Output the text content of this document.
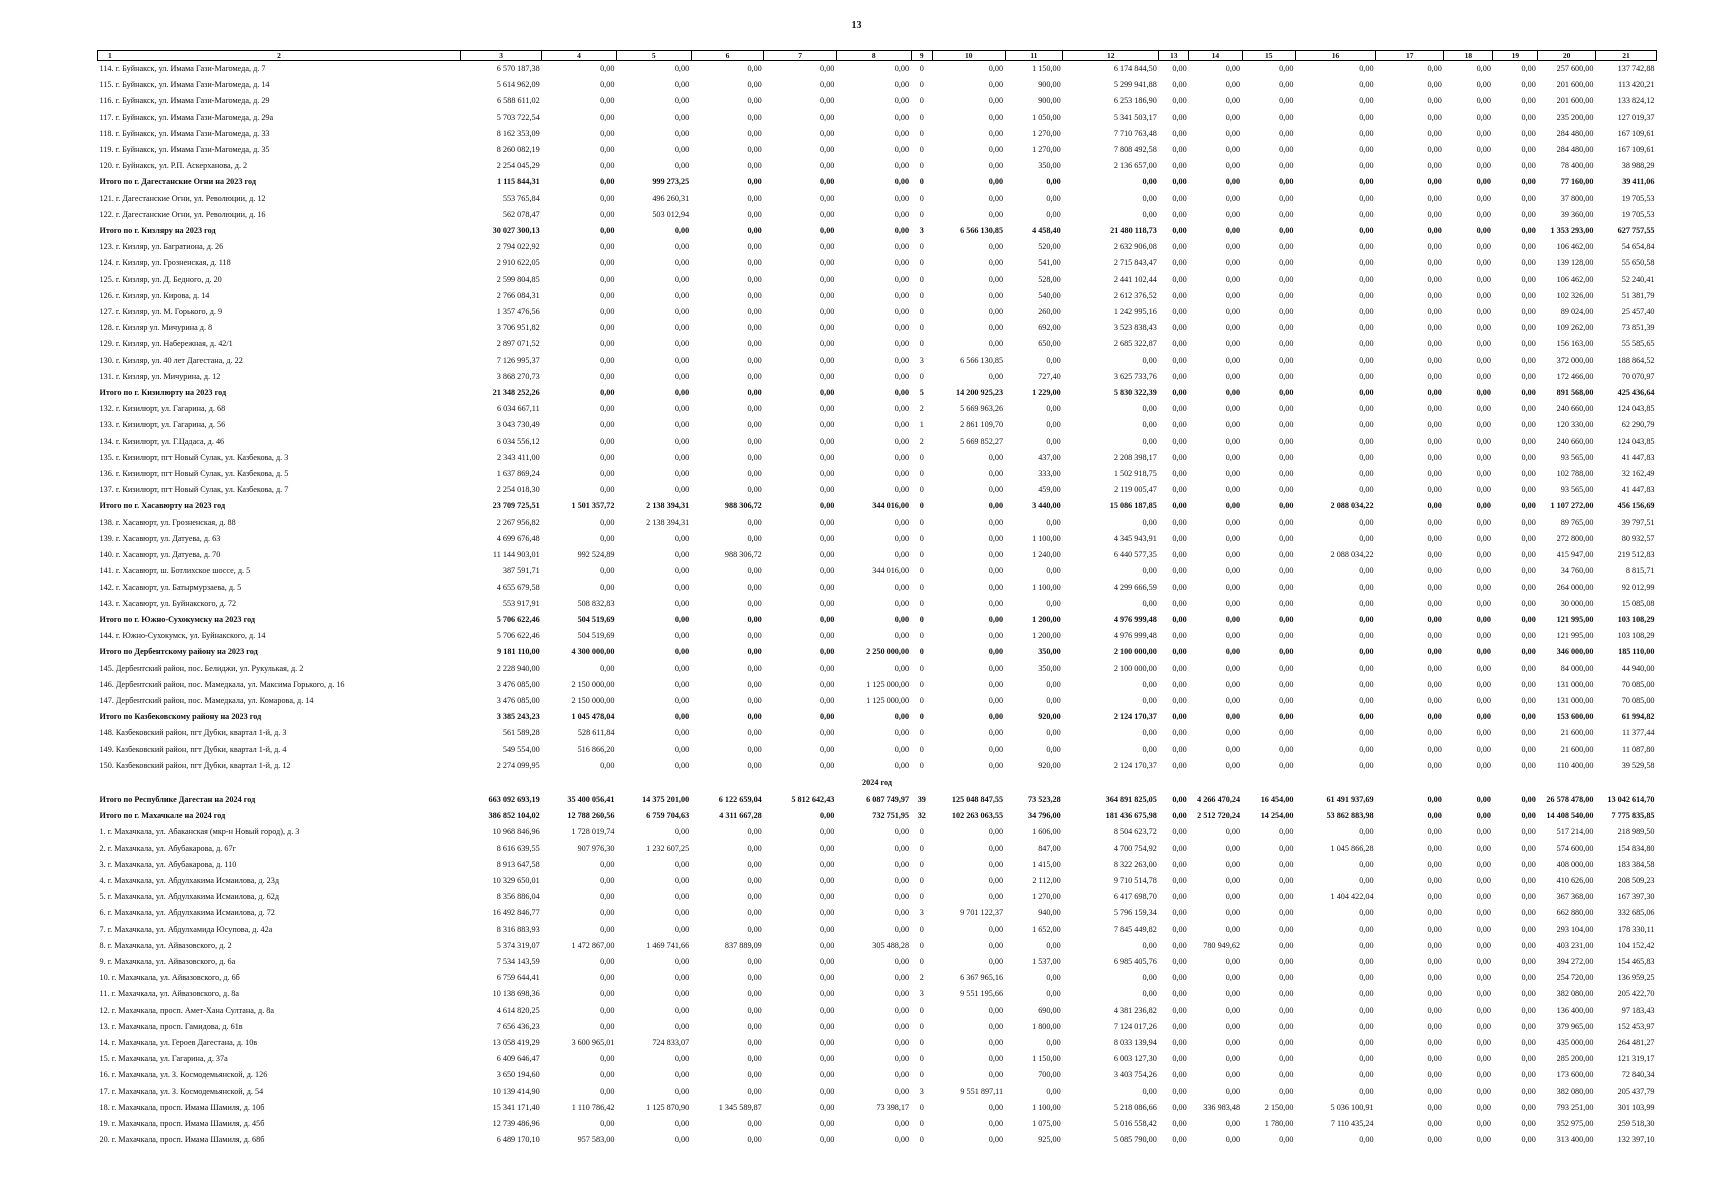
13
1 2	3	4	5	6	7	8	9	10	11	12	13	14	15	16	17	18	19	20	21
114. г. Буйнакск, ул. Имама Гази-Магомеда, д. 7	6 570 187,38	0,00	0,00	0,00	0,00	0,00	0	0,00	1 150,00	6 174 844,50	0,00	0,00	0,00	0,00	0,00	0,00	0,00	257 600,00	137 742,88
115. г. Буйнакск, ул. Имама Гази-Магомеда, д. 14	5 614 962,09	0,00	0,00	0,00	0,00	0,00	0	0,00	900,00	5 299 941,88	0,00	0,00	0,00	0,00	0,00	0,00	0,00	201 600,00	113 420,21
116. г. Буйнакск, ул. Имама Гази-Магомеда, д. 29	6 588 611,02	0,00	0,00	0,00	0,00	0,00	0	0,00	900,00	6 253 186,90	0,00	0,00	0,00	0,00	0,00	0,00	0,00	201 600,00	133 824,12
117. г. Буйнакск, ул. Имама Гази-Магомеда, д. 29а	5 703 722,54	0,00	0,00	0,00	0,00	0,00	0	0,00	1 050,00	5 341 503,17	0,00	0,00	0,00	0,00	0,00	0,00	0,00	235 200,00	127 019,37
118. г. Буйнакск, ул. Имама Гази-Магомеда, д. 33	8 162 353,09	0,00	0,00	0,00	0,00	0,00	0	0,00	1 270,00	7 710 763,48	0,00	0,00	0,00	0,00	0,00	0,00	0,00	284 480,00	167 109,61
119. г. Буйнакск, ул. Имама Гази-Магомеда, д. 35	8 260 082,19	0,00	0,00	0,00	0,00	0,00	0	0,00	1 270,00	7 808 492,58	0,00	0,00	0,00	0,00	0,00	0,00	0,00	284 480,00	167 109,61
120. г. Буйнакск, ул. Р.П. Аскерханова, д. 2	2 254 045,29	0,00	0,00	0,00	0,00	0,00	0	0,00	350,00	2 136 657,00	0,00	0,00	0,00	0,00	0,00	0,00	0,00	78 400,00	38 988,29
Итого по г. Дагестанские Огни на 2023 год	1 115 844,31	0,00	999 273,25	0,00	0,00	0,00	0	0,00	0,00	0,00	0,00	0,00	0,00	0,00	0,00	0,00	0,00	77 160,00	39 411,06
121. г. Дагестанские Огни, ул. Революции, д. 12	553 765,84	0,00	496 260,31	0,00	0,00	0,00	0	0,00	0,00	0,00	0,00	0,00	0,00	0,00	0,00	0,00	0,00	37 800,00	19 705,53
122. г. Дагестанские Огни, ул. Революции, д. 16	562 078,47	0,00	503 012,94	0,00	0,00	0,00	0	0,00	0,00	0,00	0,00	0,00	0,00	0,00	0,00	0,00	0,00	39 360,00	19 705,53
Итого по г. Кизляру на 2023 год	30 027 300,13	0,00	0,00	0,00	0,00	0,00	3	6 566 130,85	4 458,40	21 480 118,73	0,00	0,00	0,00	0,00	0,00	0,00	0,00	1 353 293,00	627 757,55
123. г. Кизляр, ул. Багратиона, д. 26	2 794 022,92	0,00	0,00	0,00	0,00	0,00	0	0,00	520,00	2 632 906,08	0,00	0,00	0,00	0,00	0,00	0,00	0,00	106 462,00	54 654,84
124. г. Кизляр, ул. Грозненская, д. 118	2 910 622,05	0,00	0,00	0,00	0,00	0,00	0	0,00	541,00	2 715 843,47	0,00	0,00	0,00	0,00	0,00	0,00	0,00	139 128,00	55 650,58
125. г. Кизляр, ул. Д. Бедного, д. 20	2 599 804,85	0,00	0,00	0,00	0,00	0,00	0	0,00	528,00	2 441 102,44	0,00	0,00	0,00	0,00	0,00	0,00	0,00	106 462,00	52 240,41
126. г. Кизляр, ул. Кирова, д. 14	2 766 084,31	0,00	0,00	0,00	0,00	0,00	0	0,00	540,00	2 612 376,52	0,00	0,00	0,00	0,00	0,00	0,00	0,00	102 326,00	51 381,79
127. г. Кизляр, ул. М. Горького, д. 9	1 357 476,56	0,00	0,00	0,00	0,00	0,00	0	0,00	260,00	1 242 995,16	0,00	0,00	0,00	0,00	0,00	0,00	0,00	89 024,00	25 457,40
128. г. Кизляр ул. Мичурина д. 8	3 706 951,82	0,00	0,00	0,00	0,00	0,00	0	0,00	692,00	3 523 838,43	0,00	0,00	0,00	0,00	0,00	0,00	0,00	109 262,00	73 851,39
129. г. Кизляр, ул. Набережная, д. 42/1	2 897 071,52	0,00	0,00	0,00	0,00	0,00	0	0,00	650,00	2 685 322,87	0,00	0,00	0,00	0,00	0,00	0,00	0,00	156 163,00	55 585,65
130. г. Кизляр, ул. 40 лет Дагестана, д. 22	7 126 995,37	0,00	0,00	0,00	0,00	0,00	3	6 566 130,85	0,00	0,00	0,00	0,00	0,00	0,00	0,00	0,00	0,00	372 000,00	188 864,52
131. г. Кизляр, ул. Мичурина, д. 12	3 868 270,73	0,00	0,00	0,00	0,00	0,00	0	0,00	727,40	3 625 733,76	0,00	0,00	0,00	0,00	0,00	0,00	0,00	172 466,00	70 070,97
Итого по г. Кизилюрту на 2023 год	21 348 252,26	0,00	0,00	0,00	0,00	0,00	5	14 200 925,23	1 229,00	5 830 322,39	0,00	0,00	0,00	0,00	0,00	0,00	0,00	891 568,00	425 436,64
132. г. Кизилюрт, ул. Гагарина, д. 68	6 034 667,11	0,00	0,00	0,00	0,00	0,00	2	5 669 963,26	0,00	0,00	0,00	0,00	0,00	0,00	0,00	0,00	0,00	240 660,00	124 043,85
133. г. Кизилюрт, ул. Гагарина, д. 56	3 043 730,49	0,00	0,00	0,00	0,00	0,00	1	2 861 109,70	0,00	0,00	0,00	0,00	0,00	0,00	0,00	0,00	0,00	120 330,00	62 290,79
134. г. Кизилюрт, ул. Г.Цадаса, д. 46	6 034 556,12	0,00	0,00	0,00	0,00	0,00	2	5 669 852,27	0,00	0,00	0,00	0,00	0,00	0,00	0,00	0,00	0,00	240 660,00	124 043,85
135. г. Кизилюрт, пгт Новый Сулак, ул. Казбекова, д. 3	2 343 411,00	0,00	0,00	0,00	0,00	0,00	0	0,00	437,00	2 208 398,17	0,00	0,00	0,00	0,00	0,00	0,00	0,00	93 565,00	41 447,83
136. г. Кизилюрт, пгт Новый Сулак, ул. Казбекова, д. 5	1 637 869,24	0,00	0,00	0,00	0,00	0,00	0	0,00	333,00	1 502 918,75	0,00	0,00	0,00	0,00	0,00	0,00	0,00	102 788,00	32 162,49
137. г. Кизилюрт, пгт Новый Сулак, ул. Казбекова, д. 7	2 254 018,30	0,00	0,00	0,00	0,00	0,00	0	0,00	459,00	2 119 005,47	0,00	0,00	0,00	0,00	0,00	0,00	0,00	93 565,00	41 447,83
Итого по г. Хасавюрту на 2023 год	23 709 725,51	1 501 357,72	2 138 394,31	988 306,72	0,00	344 016,00	0	0,00	3 440,00	15 086 187,85	0,00	0,00	0,00	2 088 034,22	0,00	0,00	0,00	1 107 272,00	456 156,69
138. г. Хасавюрт, ул. Грозненская, д. 88	2 267 956,82	0,00	2 138 394,31	0,00	0,00	0,00	0	0,00	0,00	0,00	0,00	0,00	0,00	0,00	0,00	0,00	0,00	89 765,00	39 797,51
139. г. Хасавюрт, ул. Датуева, д. 63	4 699 676,48	0,00	0,00	0,00	0,00	0,00	0	0,00	1 100,00	4 345 943,91	0,00	0,00	0,00	0,00	0,00	0,00	0,00	272 800,00	80 932,57
140. г. Хасавюрт, ул. Датуева, д. 70	11 144 903,01	992 524,89	0,00	988 306,72	0,00	0,00	0	0,00	1 240,00	6 440 577,35	0,00	0,00	0,00	2 088 034,22	0,00	0,00	0,00	415 947,00	219 512,83
141. г. Хасавюрт, ш. Ботлихское шоссе, д. 5	387 591,71	0,00	0,00	0,00	0,00	344 016,00	0	0,00	0,00	0,00	0,00	0,00	0,00	0,00	0,00	0,00	0,00	34 760,00	8 815,71
142. г. Хасавюрт, ул. Батырмурзаева, д. 5	4 655 679,58	0,00	0,00	0,00	0,00	0,00	0	0,00	1 100,00	4 299 666,59	0,00	0,00	0,00	0,00	0,00	0,00	0,00	264 000,00	92 012,99
143. г. Хасавюрт, ул. Буйнакского, д. 72	553 917,91	508 832,83	0,00	0,00	0,00	0,00	0	0,00	0,00	0,00	0,00	0,00	0,00	0,00	0,00	0,00	0,00	30 000,00	15 085,08
Итого по г. Южно-Сухокумску на 2023 год	5 706 622,46	504 519,69	0,00	0,00	0,00	0,00	0	0,00	1 200,00	4 976 999,48	0,00	0,00	0,00	0,00	0,00	0,00	0,00	121 995,00	103 108,29
144. г. Южно-Сухокумск, ул. Буйнакского, д. 14	5 706 622,46	504 519,69	0,00	0,00	0,00	0,00	0	0,00	1 200,00	4 976 999,48	0,00	0,00	0,00	0,00	0,00	0,00	0,00	121 995,00	103 108,29
Итого по Дербентскому району на 2023 год	9 181 110,00	4 300 000,00	0,00	0,00	0,00	2 250 000,00	0	0,00	350,00	2 100 000,00	0,00	0,00	0,00	0,00	0,00	0,00	0,00	346 000,00	185 110,00
145. Дербентский район, пос. Белиджи, ул. Рукулькая, д. 2	2 228 940,00	0,00	0,00	0,00	0,00	0,00	0	0,00	350,00	2 100 000,00	0,00	0,00	0,00	0,00	0,00	0,00	0,00	84 000,00	44 940,00
146. Дербентский район, пос. Мамедкала, ул. Максима Горького, д. 16	3 476 085,00	2 150 000,00	0,00	0,00	0,00	1 125 000,00	0	0,00	0,00	0,00	0,00	0,00	0,00	0,00	0,00	0,00	0,00	131 000,00	70 085,00
147. Дербентский район, пос. Мамедкала, ул. Комарова, д. 14	3 476 085,00	2 150 000,00	0,00	0,00	0,00	1 125 000,00	0	0,00	0,00	0,00	0,00	0,00	0,00	0,00	0,00	0,00	0,00	131 000,00	70 085,00
Итого по Казбековскому району на 2023 год	3 385 243,23	1 045 478,04	0,00	0,00	0,00	0,00	0	0,00	920,00	2 124 170,37	0,00	0,00	0,00	0,00	0,00	0,00	0,00	153 600,00	61 994,82
148. Казбековский район, пгт Дубки, квартал 1-й, д. 3	561 589,28	528 611,84	0,00	0,00	0,00	0,00	0	0,00	0,00	0,00	0,00	0,00	0,00	0,00	0,00	0,00	0,00	21 600,00	11 377,44
149. Казбековский район, пгт Дубки, квартал 1-й, д. 4	549 554,00	516 866,20	0,00	0,00	0,00	0,00	0	0,00	0,00	0,00	0,00	0,00	0,00	0,00	0,00	0,00	0,00	21 600,00	11 087,80
150. Казбековский район, пгт Дубки, квартал 1-й, д. 12	2 274 099,95	0,00	0,00	0,00	0,00	0,00	0	0,00	920,00	2 124 170,37	0,00	0,00	0,00	0,00	0,00	0,00	0,00	110 400,00	39 529,58
2024 год																			
Итого по Республике Дагестан на 2024 год	663 092 693,19	35 400 056,41	14 375 201,00	6 122 659,04	5 812 642,43	6 087 749,97	39	125 048 847,55	73 523,28	364 891 825,05	0,00	4 266 470,24	16 454,00	61 491 937,69	0,00	0,00	0,00	26 578 478,00	13 042 614,70
Итого по г. Махачкале на 2024 год	386 852 104,02	12 788 260,56	6 759 704,63	4 311 667,28	0,00	732 751,95	32	102 263 063,55	34 796,00	181 436 675,98	0,00	2 512 720,24	14 254,00	53 862 883,98	0,00	0,00	0,00	14 408 540,00	7 775 835,85
1. г. Махачкала, ул. Абаканская (мкр-н Новый город), д. 3	10 968 846,96	1 728 019,74	0,00	0,00	0,00	0,00	0	0,00	1 606,00	8 504 623,72	0,00	0,00	0,00	0,00	0,00	0,00	0,00	517 214,00	218 989,50
2. г. Махачкала, ул. Абубакарова, д. 67г	8 616 639,55	907 976,30	1 232 607,25	0,00	0,00	0,00	0	0,00	847,00	4 700 754,92	0,00	0,00	0,00	1 045 866,28	0,00	0,00	0,00	574 600,00	154 834,80
3. г. Махачкала, ул. Абубакарова, д. 110	8 913 647,58	0,00	0,00	0,00	0,00	0,00	0	0,00	1 415,00	8 322 263,00	0,00	0,00	0,00	0,00	0,00	0,00	0,00	408 000,00	183 384,58
4. г. Махачкала, ул. Абдулхакима Исмаилова, д. 23д	10 329 650,01	0,00	0,00	0,00	0,00	0,00	0	0,00	2 112,00	9 710 514,78	0,00	0,00	0,00	0,00	0,00	0,00	0,00	410 626,00	208 509,23
5. г. Махачкала, ул. Абдулхакима Исмаилова, д. 62д	8 356 886,04	0,00	0,00	0,00	0,00	0,00	0	0,00	1 270,00	6 417 698,70	0,00	0,00	0,00	1 404 422,04	0,00	0,00	0,00	367 368,00	167 397,30
6. г. Махачкала, ул. Абдулхакима Исмаилова, д. 72	16 492 846,77	0,00	0,00	0,00	0,00	0,00	3	9 701 122,37	940,00	5 796 159,34	0,00	0,00	0,00	0,00	0,00	0,00	0,00	662 880,00	332 685,06
7. г. Махачкала, ул. Абдулхамида Юсупова, д. 42а	8 316 883,93	0,00	0,00	0,00	0,00	0,00	0	0,00	1 652,00	7 845 449,82	0,00	0,00	0,00	0,00	0,00	0,00	0,00	293 104,00	178 330,11
8. г. Махачкала, ул. Айвазовского, д. 2	5 374 319,07	1 472 867,00	1 469 741,66	837 889,09	0,00	305 488,28	0	0,00	0,00	0,00	0,00	780 949,62	0,00	0,00	0,00	0,00	0,00	403 231,00	104 152,42
9. г. Махачкала, ул. Айвазовского, д. 6а	7 534 143,59	0,00	0,00	0,00	0,00	0,00	0	0,00	1 537,00	6 985 405,76	0,00	0,00	0,00	0,00	0,00	0,00	0,00	394 272,00	154 465,83
10. г. Махачкала, ул. Айвазовского, д. 6б	6 759 644,41	0,00	0,00	0,00	0,00	0,00	2	6 367 965,16	0,00	0,00	0,00	0,00	0,00	0,00	0,00	0,00	0,00	254 720,00	136 959,25
11. г. Махачкала, ул. Айвазовского, д. 8а	10 138 698,36	0,00	0,00	0,00	0,00	0,00	3	9 551 195,66	0,00	0,00	0,00	0,00	0,00	0,00	0,00	0,00	0,00	382 080,00	205 422,70
12. г. Махачкала, просп. Амет-Хана Султана, д. 8а	4 614 820,25	0,00	0,00	0,00	0,00	0,00	0	0,00	690,00	4 381 236,82	0,00	0,00	0,00	0,00	0,00	0,00	0,00	136 400,00	97 183,43
13. г. Махачкала, просп. Гамидова, д. 61в	7 656 436,23	0,00	0,00	0,00	0,00	0,00	0	0,00	1 800,00	7 124 017,26	0,00	0,00	0,00	0,00	0,00	0,00	0,00	379 965,00	152 453,97
14. г. Махачкала, ул. Героев Дагестана, д. 10в	13 058 419,29	3 600 965,01	724 833,07	0,00	0,00	0,00	0	0,00	0,00	8 033 139,94	0,00	0,00	0,00	0,00	0,00	0,00	0,00	435 000,00	264 481,27
15. г. Махачкала, ул. Гагарина, д. 37а	6 409 646,47	0,00	0,00	0,00	0,00	0,00	0	0,00	1 150,00	6 003 127,30	0,00	0,00	0,00	0,00	0,00	0,00	0,00	285 200,00	121 319,17
16. г. Махачкала, ул. З. Космодемьянской, д. 126	3 650 194,60	0,00	0,00	0,00	0,00	0,00	0	0,00	700,00	3 403 754,26	0,00	0,00	0,00	0,00	0,00	0,00	0,00	173 600,00	72 840,34
17. г. Махачкала, ул. З. Космодемьянской, д. 54	10 139 414,90	0,00	0,00	0,00	0,00	0,00	3	9 551 897,11	0,00	0,00	0,00	0,00	0,00	0,00	0,00	0,00	0,00	382 080,00	205 437,79
18. г. Махачкала, просп. Имама Шамиля, д. 10б	15 341 171,40	1 110 786,42	1 125 870,90	1 345 589,87	0,00	73 398,17	0	0,00	1 100,00	5 218 086,66	0,00	336 983,48	2 150,00	5 036 100,91	0,00	0,00	0,00	793 251,00	301 103,99
19. г. Махачкала, просп. Имама Шамиля, д. 45б	12 739 486,96	0,00	0,00	0,00	0,00	0,00	0	0,00	1 075,00	5 016 558,42	0,00	0,00	1 780,00	7 110 435,24	0,00	0,00	0,00	352 975,00	259 518,30
20. г. Махачкала, просп. Имама Шамиля, д. 68б	6 489 170,10	957 583,00	0,00	0,00	0,00	0,00	0	0,00	925,00	5 085 790,00	0,00	0,00	0,00	0,00	0,00	0,00	0,00	313 400,00	132 397,10
